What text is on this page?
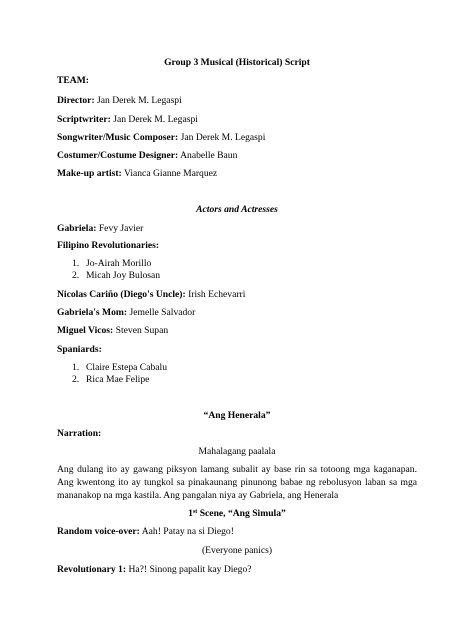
Group 3 Musical (Historical) Script
TEAM:
Director: Jan Derek M. Legaspi
Scriptwriter: Jan Derek M. Legaspi
Songwriter/Music Composer: Jan Derek M. Legaspi
Costumer/Costume Designer: Anabelle Baun
Make-up artist: Vianca Gianne Marquez
Actors and Actresses
Gabriela: Fevy Javier
Filipino Revolutionaries:
1. Jo-Airah Morillo
2. Micah Joy Bulosan
Nicolas Cariño (Diego's Uncle): Irish Echevarri
Gabriela's Mom: Jemelle Salvador
Miguel Vicos: Steven Supan
Spaniards:
1. Claire Estepa Cabalu
2. Rica Mae Felipe
“Ang Henerala”
Narration:
Mahalagang paalala
Ang dulang ito ay gawang piksyon lamang subalit ay base rin sa totoong mga kaganapan. Ang kwentong ito ay tungkol sa pinakaunang pinunong babae ng rebolusyon laban sa mga mananakop na mga kastila. Ang pangalan niya ay Gabriela, ang Henerala
1st Scene, “Ang Simula”
Random voice-over: Aah! Patay na si Diego!
(Everyone panics)
Revolutionary 1: Ha?! Sinong papalit kay Diego?
